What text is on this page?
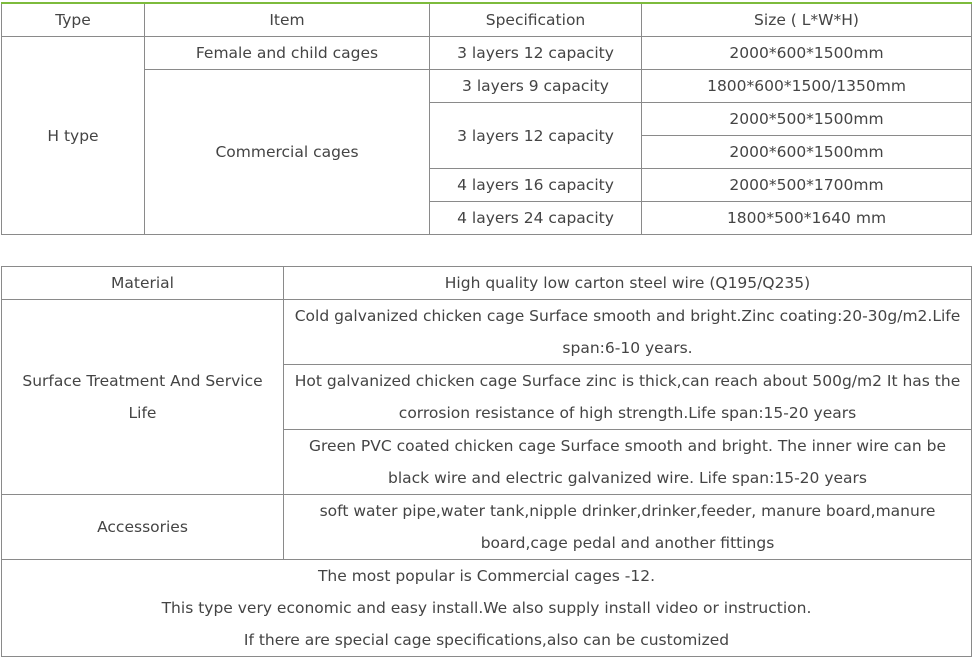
Type	Item	Specification	Size ( L*W*H)
H type	Female and child cages	3 layers 12 capacity	2000*600*1500mm
	Commercial cages	3 layers 9 capacity	1800*600*1500/1350mm
		3 layers 12 capacity	2000*500*1500mm
			2000*600*1500mm
		4 layers 16 capacity	2000*500*1700mm
		4 layers 24 capacity	1800*500*1640 mm
Material	High quality low carton steel wire (Q195/Q235)
Surface Treatment And Service Life	Cold galvanized chicken cage Surface smooth and bright.Zinc coating:20-30g/m2.Life span:6-10 years.
	Hot galvanized chicken cage Surface zinc is thick,can reach about 500g/m2 It has the corrosion resistance of high strength.Life span:15-20 years
	Green PVC coated chicken cage Surface smooth and bright. The inner wire can be black wire and electric galvanized wire. Life span:15-20 years
Accessories	soft water pipe,water tank,nipple drinker,drinker,feeder, manure board,manure board,cage pedal and another fittings

The most popular is Commercial cages -12.
This type very economic and easy install.We also supply install video or instruction.
If there are special cage specifications,also can be customized	
